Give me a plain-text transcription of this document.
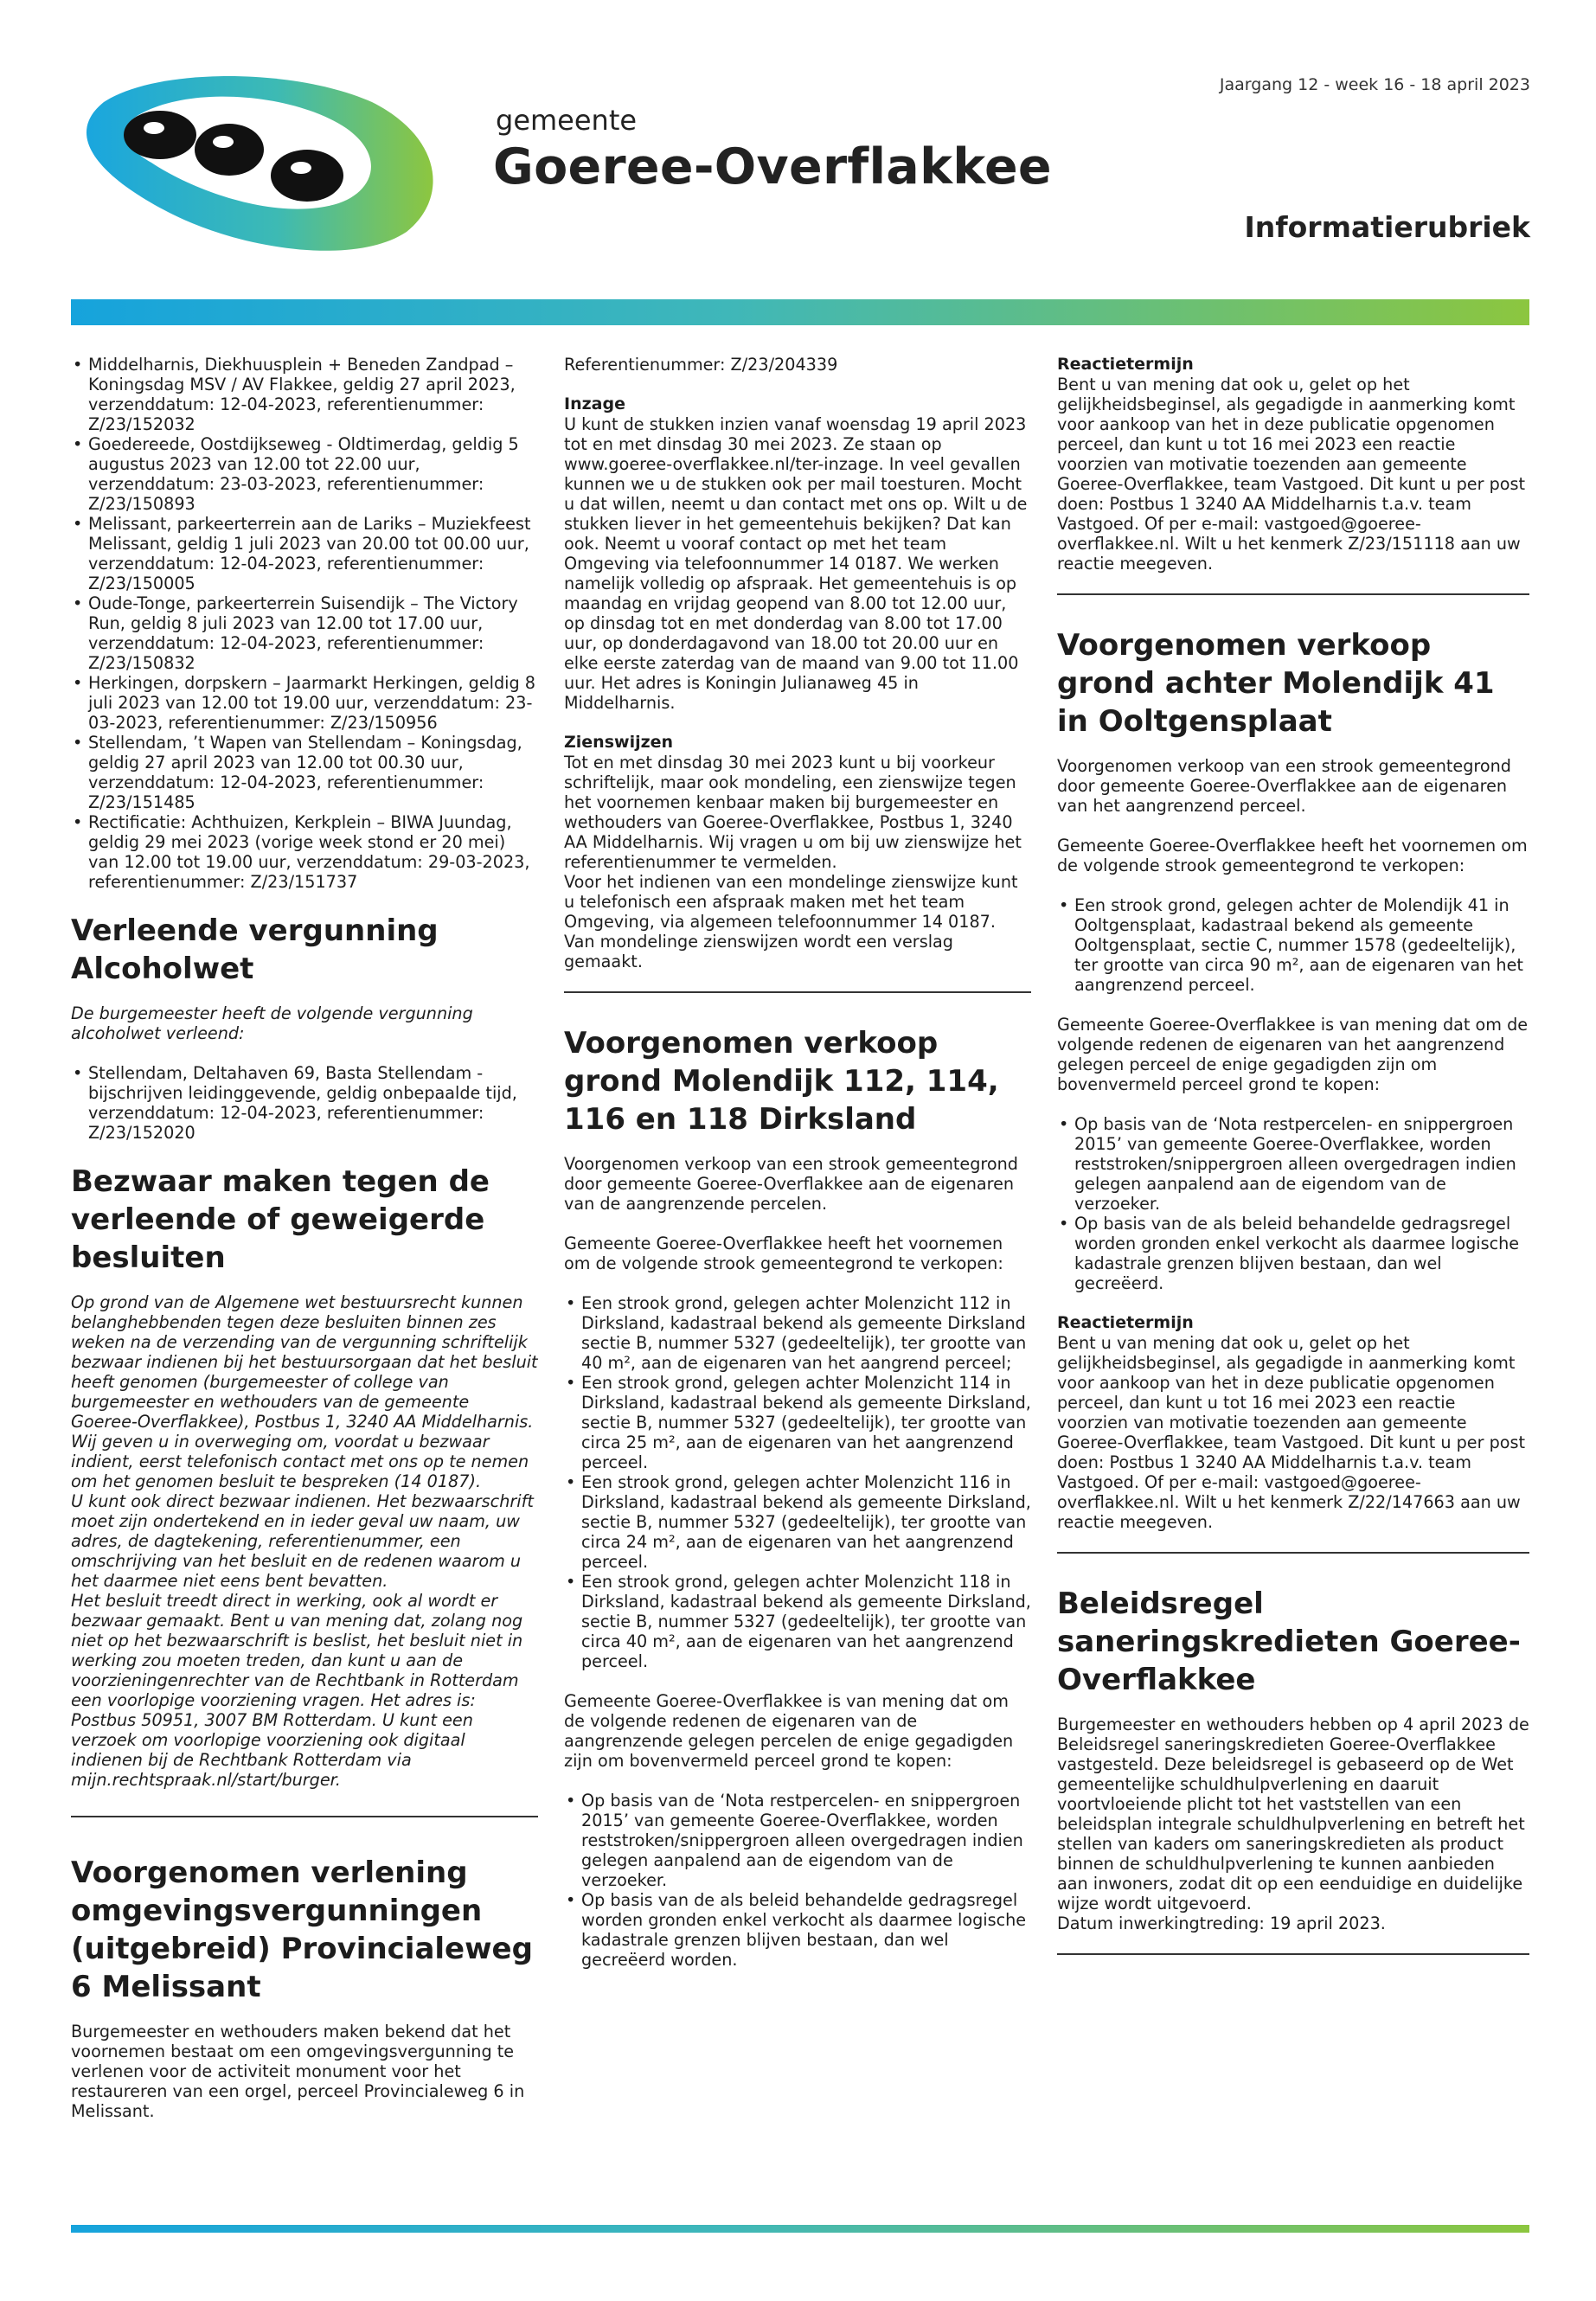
gemeente
Goeree-Overflakkee
Jaargang 12 - week 16 - 18 april 2023
Informatierubriek
• Middelharnis, Diekhuusplein + Beneden Zandpad – Koningsdag MSV / AV Flakkee, geldig 27 april 2023, verzenddatum: 12-04-2023, referentienummer: Z/23/152032
• Goedereede, Oostdijkseweg - Oldtimerdag, geldig 5 augustus 2023 van 12.00 tot 22.00 uur, verzenddatum: 23-03-2023, referentienummer: Z/23/150893
• Melissant, parkeerterrein aan de Lariks – Muziekfeest Melissant, geldig 1 juli 2023 van 20.00 tot 00.00 uur, verzenddatum: 12-04-2023, referentienummer: Z/23/150005
• Oude-Tonge, parkeerterrein Suisendijk – The Victory Run, geldig 8 juli 2023 van 12.00 tot 17.00 uur, verzenddatum: 12-04-2023, referentienummer: Z/23/150832
• Herkingen, dorpskern – Jaarmarkt Herkingen, geldig 8 juli 2023 van 12.00 tot 19.00 uur, verzenddatum: 23-03-2023, referentienummer: Z/23/150956
• Stellendam, ’t Wapen van Stellendam – Koningsdag, geldig 27 april 2023 van 12.00 tot 00.30 uur, verzenddatum: 12-04-2023, referentienummer: Z/23/151485
• Rectificatie: Achthuizen, Kerkplein – BIWA Juundag, geldig 29 mei 2023 (vorige week stond er 20 mei) van 12.00 tot 19.00 uur, verzenddatum: 29-03-2023, referentienummer: Z/23/151737
Verleende vergunning Alcoholwet

De burgemeester heeft de volgende vergunning alcoholwet verleend:

• Stellendam, Deltahaven 69, Basta Stellendam - bijschrijven leidinggevende, geldig onbepaalde tijd, verzenddatum: 12-04-2023, referentienummer: Z/23/152020
Bezwaar maken tegen de verleende of geweigerde besluiten

Op grond van de Algemene wet bestuursrecht kunnen belanghebbenden tegen deze besluiten binnen zes weken na de verzending van de vergunning schriftelijk bezwaar indienen bij het bestuursorgaan dat het besluit heeft genomen (burgemeester of college van burgemeester en wethouders van de gemeente Goeree-Overflakkee), Postbus 1, 3240 AA Middelharnis.

Wij geven u in overweging om, voordat u bezwaar indient, eerst telefonisch contact met ons op te nemen om het genomen besluit te bespreken (14 0187).

U kunt ook direct bezwaar indienen. Het bezwaarschrift moet zijn ondertekend en in ieder geval uw naam, uw adres, de dagtekening, referentienummer, een omschrijving van het besluit en de redenen waarom u het daarmee niet eens bent bevatten.

Het besluit treedt direct in werking, ook al wordt er bezwaar gemaakt. Bent u van mening dat, zolang nog niet op het bezwaarschrift is beslist, het besluit niet in werking zou moeten treden, dan kunt u aan de voorzieningenrechter van de Rechtbank in Rotterdam een voorlopige voorziening vragen. Het adres is: Postbus 50951, 3007 BM Rotterdam. U kunt een verzoek om voorlopige voorziening ook digitaal indienen bij de Rechtbank Rotterdam via mijn.rechtspraak.nl/start/burger.

Voorgenomen verlening omgevingsvergunningen (uitgebreid) Provincialeweg 6 Melissant

Burgemeester en wethouders maken bekend dat het voornemen bestaat om een omgevingsvergunning te verlenen voor de activiteit monument voor het restaureren van een orgel, perceel Provincialeweg 6 in Melissant.

Referentienummer: Z/23/204339

Inzage

U kunt de stukken inzien vanaf woensdag 19 april 2023 tot en met dinsdag 30 mei 2023. Ze staan op www.goeree-overflakkee.nl/ter-inzage. In veel gevallen kunnen we u de stukken ook per mail toesturen. Mocht u dat willen, neemt u dan contact met ons op. Wilt u de stukken liever in het gemeentehuis bekijken? Dat kan ook. Neemt u vooraf contact op met het team Omgeving via telefoonnummer 14 0187. We werken namelijk volledig op afspraak. Het gemeentehuis is op maandag en vrijdag geopend van 8.00 tot 12.00 uur, op dinsdag tot en met donderdag van 8.00 tot 17.00 uur, op donderdagavond van 18.00 tot 20.00 uur en elke eerste zaterdag van de maand van 9.00 tot 11.00 uur. Het adres is Koningin Julianaweg 45 in Middelharnis.

Zienswijzen

Tot en met dinsdag 30 mei 2023 kunt u bij voorkeur schriftelijk, maar ook mondeling, een zienswijze tegen het voornemen kenbaar maken bij burgemeester en wethouders van Goeree-Overflakkee, Postbus 1, 3240 AA Middelharnis. Wij vragen u om bij uw zienswijze het referentienummer te vermelden.

Voor het indienen van een mondelinge zienswijze kunt u telefonisch een afspraak maken met het team Omgeving, via algemeen telefoonnummer 14 0187. Van mondelinge zienswijzen wordt een verslag gemaakt.

Voorgenomen verkoop grond Molendijk 112, 114, 116 en 118 Dirksland

Voorgenomen verkoop van een strook gemeentegrond door gemeente Goeree-Overflakkee aan de eigenaren van de aangrenzende percelen.

Gemeente Goeree-Overflakkee heeft het voornemen om de volgende strook gemeentegrond te verkopen:

• Een strook grond, gelegen achter Molenzicht 112 in Dirksland, kadastraal bekend als gemeente Dirksland sectie B, nummer 5327 (gedeeltelijk), ter grootte van 40 m², aan de eigenaren van het aangrend perceel;
• Een strook grond, gelegen achter Molenzicht 114 in Dirksland, kadastraal bekend als gemeente Dirksland, sectie B, nummer 5327 (gedeeltelijk), ter grootte van circa 25 m², aan de eigenaren van het aangrenzend perceel.
• Een strook grond, gelegen achter Molenzicht 116 in Dirksland, kadastraal bekend als gemeente Dirksland, sectie B, nummer 5327 (gedeeltelijk), ter grootte van circa 24 m², aan de eigenaren van het aangrenzend perceel.
• Een strook grond, gelegen achter Molenzicht 118 in Dirksland, kadastraal bekend als gemeente Dirksland, sectie B, nummer 5327 (gedeeltelijk), ter grootte van circa 40 m², aan de eigenaren van het aangrenzend perceel.

Gemeente Goeree-Overflakkee is van mening dat om de volgende redenen de eigenaren van de aangrenzende gelegen percelen de enige gegadigden zijn om bovenvermeld perceel grond te kopen:

• Op basis van de ‘Nota restpercelen- en snippergroen 2015’ van gemeente Goeree-Overflakkee, worden reststroken/snippergroen alleen overgedragen indien gelegen aanpalend aan de eigendom van de verzoeker.
• Op basis van de als beleid behandelde gedragsregel worden gronden enkel verkocht als daarmee logische kadastrale grenzen blijven bestaan, dan wel gecreëerd worden.
Reactietermijn

Bent u van mening dat ook u, gelet op het gelijkheidsbeginsel, als gegadigde in aanmerking komt voor aankoop van het in deze publicatie opgenomen perceel, dan kunt u tot 16 mei 2023 een reactie voorzien van motivatie toezenden aan gemeente Goeree-Overflakkee, team Vastgoed. Dit kunt u per post doen: Postbus 1 3240 AA Middelharnis t.a.v. team Vastgoed. Of per e-mail: vastgoed@goeree-overflakkee.nl. Wilt u het kenmerk Z/23/151118 aan uw reactie meegeven.

Voorgenomen verkoop grond achter Molendijk 41 in Ooltgensplaat

Voorgenomen verkoop van een strook gemeentegrond door gemeente Goeree-Overflakkee aan de eigenaren van het aangrenzend perceel.

Gemeente Goeree-Overflakkee heeft het voornemen om de volgende strook gemeentegrond te verkopen:

• Een strook grond, gelegen achter de Molendijk 41 in Ooltgensplaat, kadastraal bekend als gemeente Ooltgensplaat, sectie C, nummer 1578 (gedeeltelijk), ter grootte van circa 90 m², aan de eigenaren van het aangrenzend perceel.

Gemeente Goeree-Overflakkee is van mening dat om de volgende redenen de eigenaren van het aangrenzend gelegen perceel de enige gegadigden zijn om bovenvermeld perceel grond te kopen:

• Op basis van de ‘Nota restpercelen- en snippergroen 2015’ van gemeente Goeree-Overflakkee, worden reststroken/snippergroen alleen overgedragen indien gelegen aanpalend aan de eigendom van de verzoeker.
• Op basis van de als beleid behandelde gedragsregel worden gronden enkel verkocht als daarmee logische kadastrale grenzen blijven bestaan, dan wel gecreëerd.
Reactietermijn

Bent u van mening dat ook u, gelet op het gelijkheidsbeginsel, als gegadigde in aanmerking komt voor aankoop van het in deze publicatie opgenomen perceel, dan kunt u tot 16 mei 2023 een reactie voorzien van motivatie toezenden aan gemeente Goeree-Overflakkee, team Vastgoed. Dit kunt u per post doen: Postbus 1 3240 AA Middelharnis t.a.v. team Vastgoed. Of per e-mail: vastgoed@goeree-overflakkee.nl. Wilt u het kenmerk Z/22/147663 aan uw reactie meegeven.

Beleidsregel saneringskredieten Goeree-Overflakkee

Burgemeester en wethouders hebben op 4 april 2023 de Beleidsregel saneringskredieten Goeree-Overflakkee vastgesteld. Deze beleidsregel is gebaseerd op de Wet gemeentelijke schuldhulpverlening en daaruit voortvloeiende plicht tot het vaststellen van een beleidsplan integrale schuldhulpverlening en betreft het stellen van kaders om saneringskredieten als product binnen de schuldhulpverlening te kunnen aanbieden aan inwoners, zodat dit op een eenduidige en duidelijke wijze wordt uitgevoerd.

Datum inwerkingtreding: 19 april 2023.
